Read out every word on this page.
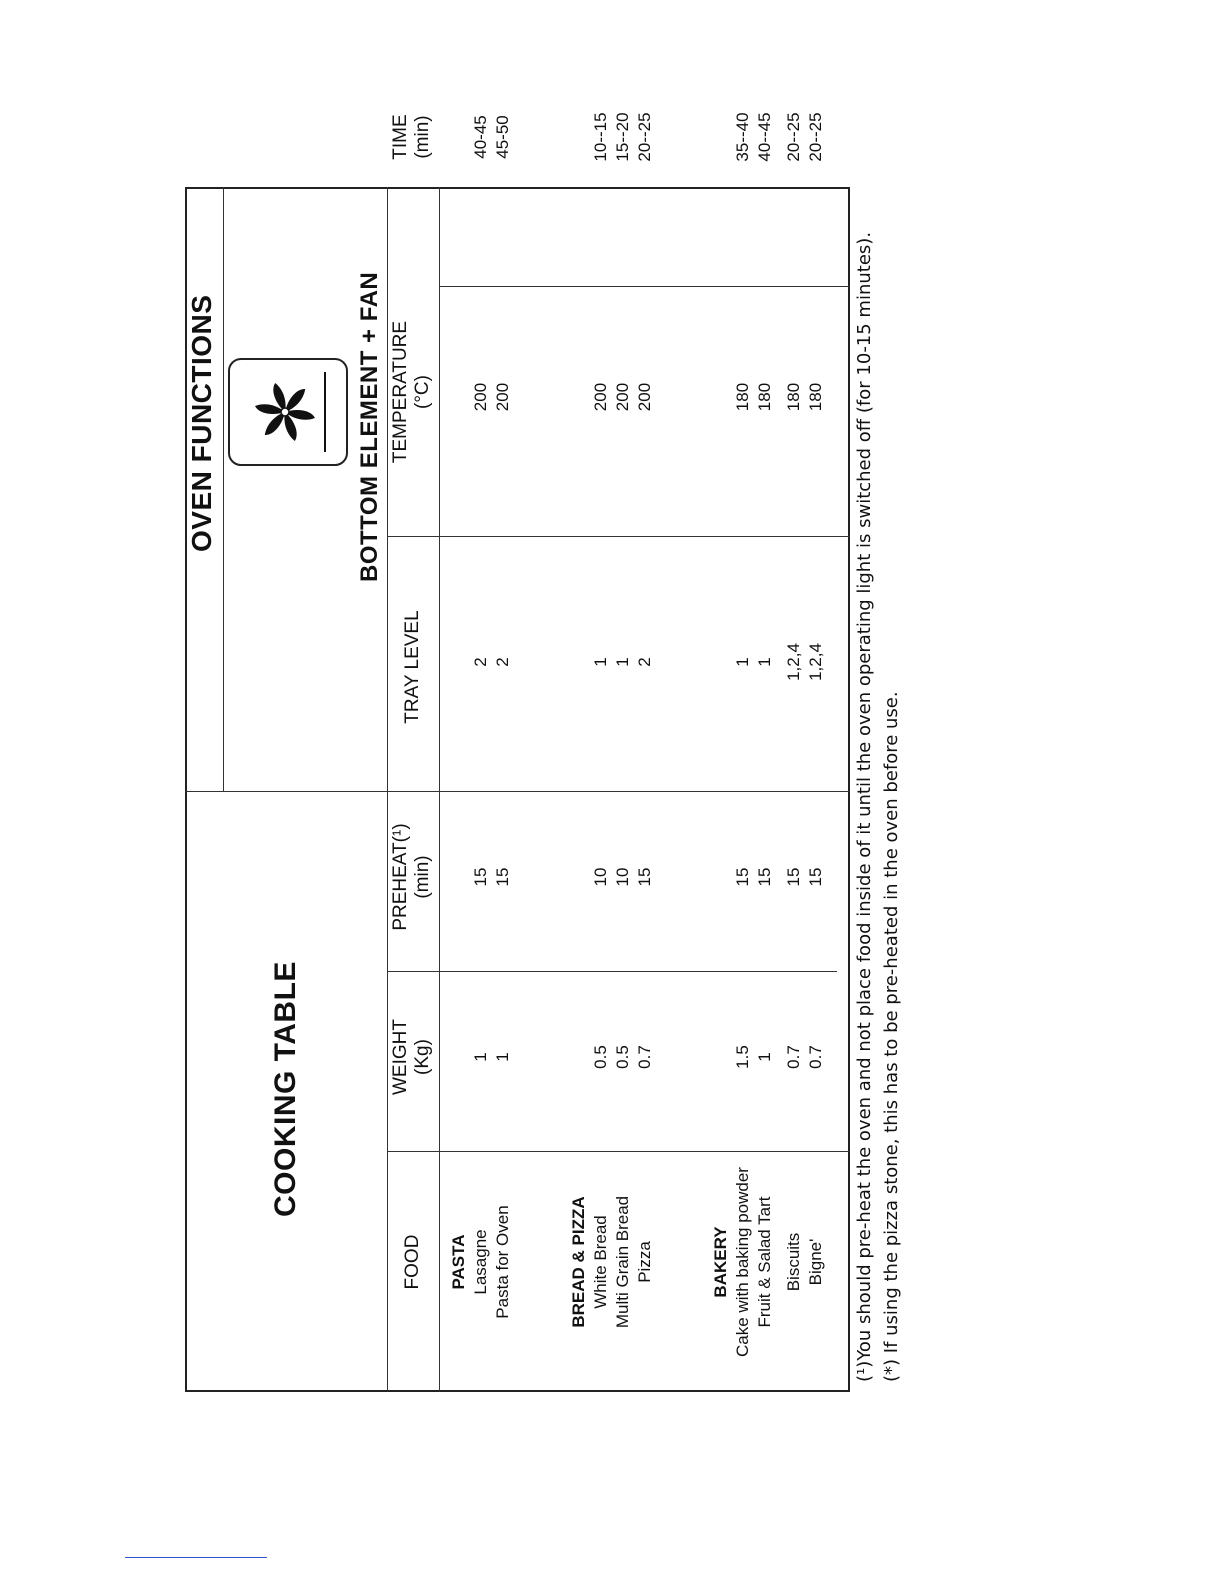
COOKING TABLE
OVEN FUNCTIONS	BOTTOM ELEMENT + FAN
FOOD
WEIGHT (Kg)
PREHEAT(¹) (min)
TRAY LEVEL
TEMPERATURE (°C)
TIME (min)
PASTA Lasagne Pasta for Oven
1 1
15 15
2 2
200 200
40-45 45-50
BREAD & PIZZA White Bread Multi Grain Bread Pizza
0.5 0.5 0.7
10 10 15
1 1 2
200 200 200
10--15 15--20 20--25
BAKERY Cake with baking powder Fruit & Salad Tart Biscuits Bigne'
1.5 1 0.7 0.7
15 15 15 15
1 1 1,2,4 1,2,4
180 180 180 180
35--40 40--45 20--25 20--25
(¹)You should pre-heat the oven and not place food inside of it until the oven operating light is switched off (for 10-15 minutes). (*) If using the pizza stone, this has to be pre-heated in the oven before use.
